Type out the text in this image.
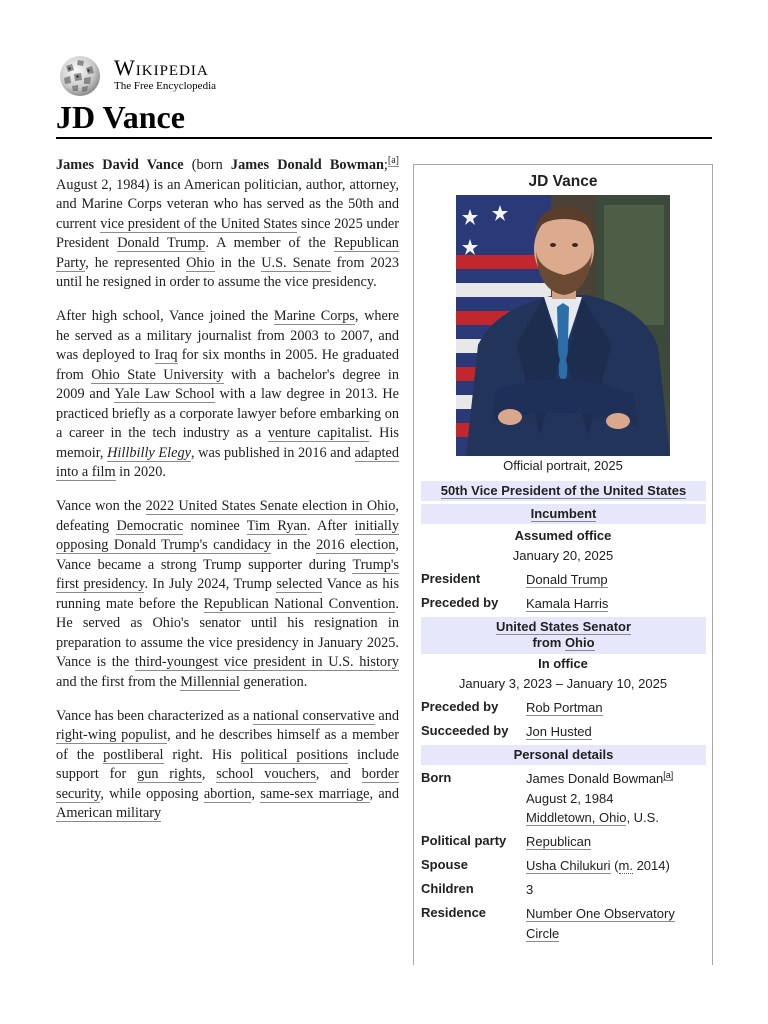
Wikipedia
The Free Encyclopedia
JD Vance

James David Vance (born James Donald Bowman;[a] August 2, 1984) is an American politician, author, attorney, and Marine Corps veteran who has served as the 50th and current vice president of the United States since 2025 under President Donald Trump. A member of the Republican Party, he represented Ohio in the U.S. Senate from 2023 until he resigned in order to assume the vice presidency.

After high school, Vance joined the Marine Corps, where he served as a military journalist from 2003 to 2007, and was deployed to Iraq for six months in 2005. He graduated from Ohio State University with a bachelor's degree in 2009 and Yale Law School with a law degree in 2013. He practiced briefly as a corporate lawyer before embarking on a career in the tech industry as a venture capitalist. His memoir, Hillbilly Elegy, was published in 2016 and adapted into a film in 2020.

Vance won the 2022 United States Senate election in Ohio, defeating Democratic nominee Tim Ryan. After initially opposing Donald Trump's candidacy in the 2016 election, Vance became a strong Trump supporter during Trump's first presidency. In July 2024, Trump selected Vance as his running mate before the Republican National Convention. He served as Ohio's senator until his resignation in preparation to assume the vice presidency in January 2025. Vance is the third-youngest vice president in U.S. history and the first from the Millennial generation.

Vance has been characterized as a national conservative and right-wing populist, and he describes himself as a member of the postliberal right. His political positions include support for gun rights, school vouchers, and border security, while opposing abortion, same-sex marriage, and American military

JD Vance
Official portrait, 2025
50th Vice President of the United States
Incumbent
Assumed office
January 20, 2025
President	Donald Trump
Preceded by Kamala Harris
United States Senator
from Ohio
In office
January 3, 2023 – January 10, 2025
Preceded by Rob Portman
Succeeded by Jon Husted
Personal details
Born	James Donald Bowman[a]
August 2, 1984
Middletown, Ohio, U.S.
Political party Republican
Spouse	Usha Chilukuri (m. 2014)
Children	3
Residence	Number One Observatory
Circle
